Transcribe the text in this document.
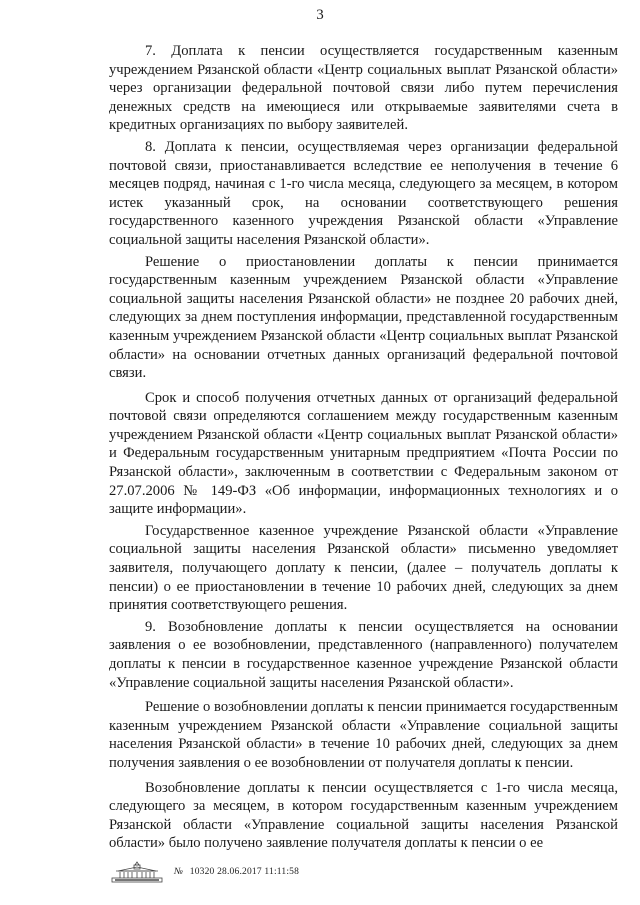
3

7. Доплата к пенсии осуществляется государственным казенным учреждением Рязанской области «Центр социальных выплат Рязанской области» через организации федеральной почтовой связи либо путем перечисления денежных средств на имеющиеся или открываемые заявителями счета в кредитных организациях по выбору заявителей.

8. Доплата к пенсии, осуществляемая через организации федеральной почтовой связи, приостанавливается вследствие ее неполучения в течение 6 месяцев подряд, начиная с 1-го числа месяца, следующего за месяцем, в котором истек указанный срок, на основании соответствующего решения государственного казенного учреждения Рязанской области «Управление социальной защиты населения Рязанской области».

Решение о приостановлении доплаты к пенсии принимается государственным казенным учреждением Рязанской области «Управление социальной защиты населения Рязанской области» не позднее 20 рабочих дней, следующих за днем поступления информации, представленной государственным казенным учреждением Рязанской области «Центр социальных выплат Рязанской области» на основании отчетных данных организаций федеральной почтовой связи.

Срок и способ получения отчетных данных от организаций федеральной почтовой связи определяются соглашением между государственным казенным учреждением Рязанской области «Центр социальных выплат Рязанской области» и Федеральным государственным унитарным предприятием «Почта России по Рязанской области», заключенным в соответствии с Федеральным законом от 27.07.2006 № 149-ФЗ «Об информации, информационных технологиях и о защите информации».

Государственное казенное учреждение Рязанской области «Управление социальной защиты населения Рязанской области» письменно уведомляет заявителя, получающего доплату к пенсии, (далее – получатель доплаты к пенсии) о ее приостановлении в течение 10 рабочих дней, следующих за днем принятия соответствующего решения.

9. Возобновление доплаты к пенсии осуществляется на основании заявления о ее возобновлении, представленного (направленного) получателем доплаты к пенсии в государственное казенное учреждение Рязанской области «Управление социальной защиты населения Рязанской области».

Решение о возобновлении доплаты к пенсии принимается государственным казенным учреждением Рязанской области «Управление социальной защиты населения Рязанской области» в течение 10 рабочих дней, следующих за днем получения заявления о ее возобновлении от получателя доплаты к пенсии.

Возобновление доплаты к пенсии осуществляется с 1-го числа месяца, следующего за месяцем, в котором государственным казенным учреждением Рязанской области «Управление социальной защиты населения Рязанской области» было получено заявление получателя доплаты к пенсии о ее

№ 10320 28.06.2017 11:11:58
